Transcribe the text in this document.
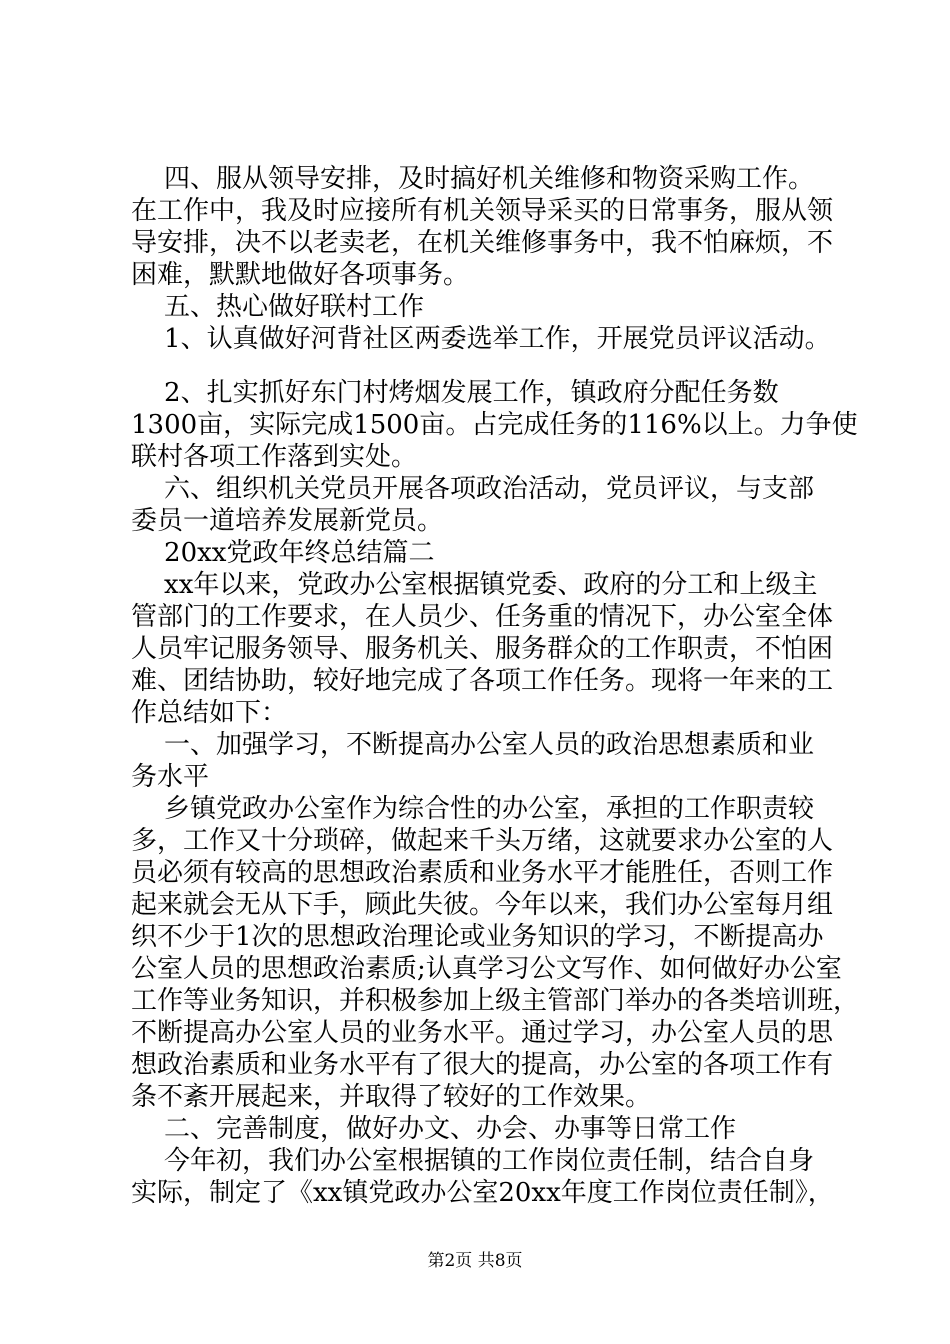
四、服从领导安排，及时搞好机关维修和物资采购工作。
在工作中，我及时应接所有机关领导采买的日常事务，服从领
导安排，决不以老卖老，在机关维修事务中，我不怕麻烦，不
困难，默默地做好各项事务。
五、热心做好联村工作
1、认真做好河背社区两委选举工作，开展党员评议活动。
2、扎实抓好东门村烤烟发展工作，镇政府分配任务数
1300亩，实际完成1500亩。占完成任务的116%以上。力争使
联村各项工作落到实处。
六、组织机关党员开展各项政治活动，党员评议，与支部
委员一道培养发展新党员。
20xx党政年终总结篇二
xx年以来，党政办公室根据镇党委、政府的分工和上级主
管部门的工作要求，在人员少、任务重的情况下，办公室全体
人员牢记服务领导、服务机关、服务群众的工作职责，不怕困
难、团结协助，较好地完成了各项工作任务。现将一年来的工
作总结如下：
一、加强学习，不断提高办公室人员的政治思想素质和业
务水平
乡镇党政办公室作为综合性的办公室，承担的工作职责较
多，工作又十分琐碎，做起来千头万绪，这就要求办公室的人
员必须有较高的思想政治素质和业务水平才能胜任，否则工作
起来就会无从下手，顾此失彼。今年以来，我们办公室每月组
织不少于1次的思想政治理论或业务知识的学习，不断提高办
公室人员的思想政治素质;认真学习公文写作、如何做好办公室
工作等业务知识，并积极参加上级主管部门举办的各类培训班，
不断提高办公室人员的业务水平。通过学习，办公室人员的思
想政治素质和业务水平有了很大的提高，办公室的各项工作有
条不紊开展起来，并取得了较好的工作效果。
二、完善制度，做好办文、办会、办事等日常工作
今年初，我们办公室根据镇的工作岗位责任制，结合自身
实际，制定了《xx镇党政办公室20xx年度工作岗位责任制》，
第2页 共8页
